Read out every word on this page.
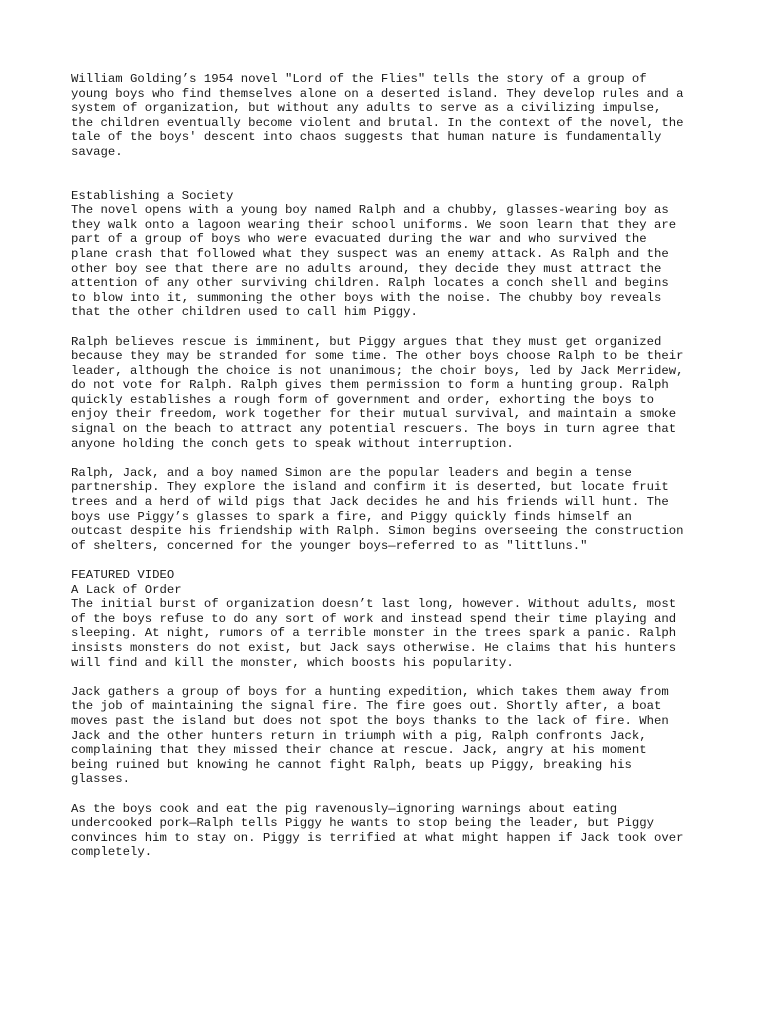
William Golding’s 1954 novel "Lord of the Flies" tells the story of a group of
young boys who find themselves alone on a deserted island. They develop rules and a
system of organization, but without any adults to serve as a civilizing impulse,
the children eventually become violent and brutal. In the context of the novel, the
tale of the boys' descent into chaos suggests that human nature is fundamentally
savage.

Establishing a Society

The novel opens with a young boy named Ralph and a chubby, glasses-wearing boy as
they walk onto a lagoon wearing their school uniforms. We soon learn that they are
part of a group of boys who were evacuated during the war and who survived the
plane crash that followed what they suspect was an enemy attack. As Ralph and the
other boy see that there are no adults around, they decide they must attract the
attention of any other surviving children. Ralph locates a conch shell and begins
to blow into it, summoning the other boys with the noise. The chubby boy reveals
that the other children used to call him Piggy.

Ralph believes rescue is imminent, but Piggy argues that they must get organized
because they may be stranded for some time. The other boys choose Ralph to be their
leader, although the choice is not unanimous; the choir boys, led by Jack Merridew,
do not vote for Ralph. Ralph gives them permission to form a hunting group. Ralph
quickly establishes a rough form of government and order, exhorting the boys to
enjoy their freedom, work together for their mutual survival, and maintain a smoke
signal on the beach to attract any potential rescuers. The boys in turn agree that
anyone holding the conch gets to speak without interruption.

Ralph, Jack, and a boy named Simon are the popular leaders and begin a tense
partnership. They explore the island and confirm it is deserted, but locate fruit
trees and a herd of wild pigs that Jack decides he and his friends will hunt. The
boys use Piggy’s glasses to spark a fire, and Piggy quickly finds himself an
outcast despite his friendship with Ralph. Simon begins overseeing the construction
of shelters, concerned for the younger boys—referred to as "littluns."

FEATURED VIDEO

A Lack of Order

The initial burst of organization doesn’t last long, however. Without adults, most
of the boys refuse to do any sort of work and instead spend their time playing and
sleeping. At night, rumors of a terrible monster in the trees spark a panic. Ralph
insists monsters do not exist, but Jack says otherwise. He claims that his hunters
will find and kill the monster, which boosts his popularity.

Jack gathers a group of boys for a hunting expedition, which takes them away from
the job of maintaining the signal fire. The fire goes out. Shortly after, a boat
moves past the island but does not spot the boys thanks to the lack of fire. When
Jack and the other hunters return in triumph with a pig, Ralph confronts Jack,
complaining that they missed their chance at rescue. Jack, angry at his moment
being ruined but knowing he cannot fight Ralph, beats up Piggy, breaking his
glasses.

As the boys cook and eat the pig ravenously—ignoring warnings about eating
undercooked pork—Ralph tells Piggy he wants to stop being the leader, but Piggy
convinces him to stay on. Piggy is terrified at what might happen if Jack took over
completely.
